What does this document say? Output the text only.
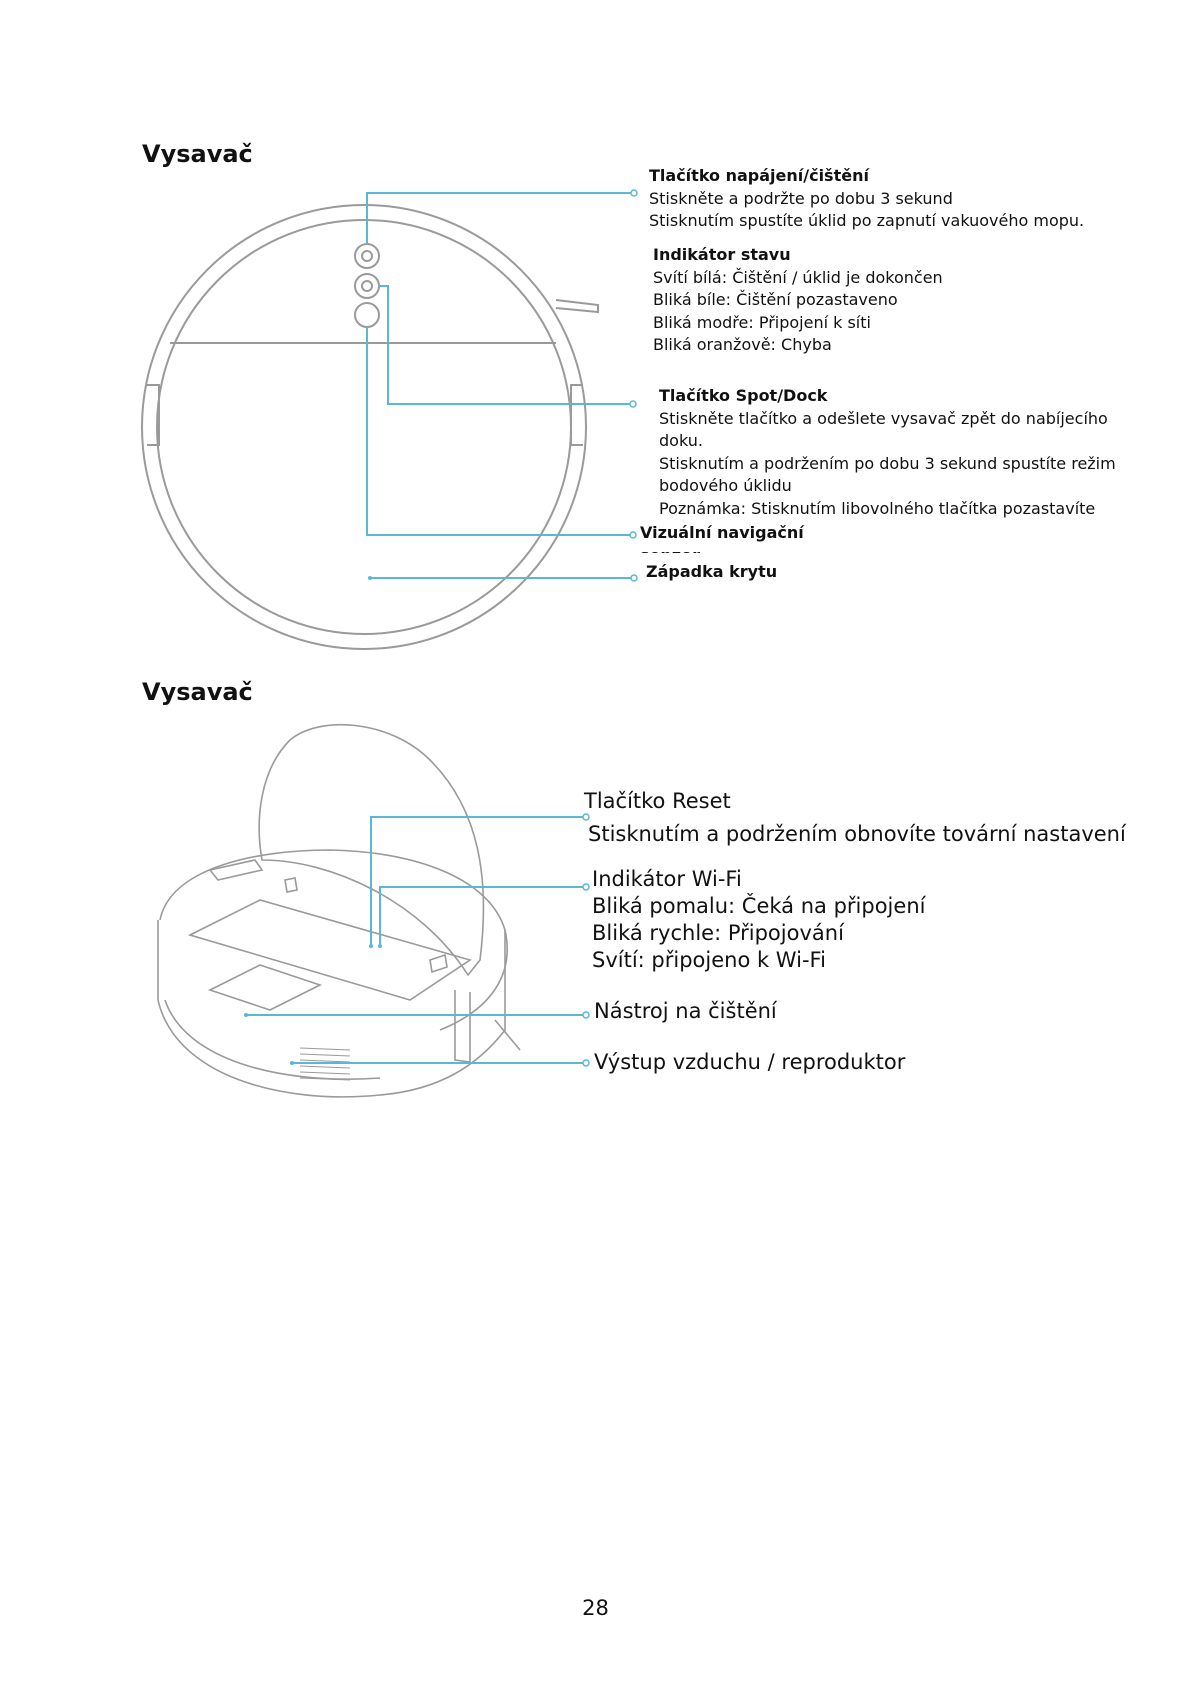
Vysavač
Tlačítko napájení/čištění
Stiskněte a podržte po dobu 3 sekund
Stisknutím spustíte úklid po zapnutí vakuového mopu.
Indikátor stavu
Svítí bílá: Čištění / úklid je dokončen
Bliká bíle: Čištění pozastaveno
Bliká modře: Připojení k síti
Bliká oranžově: Chyba
Tlačítko Spot/Dock
Stiskněte tlačítko a odešlete vysavač zpět do nabíjecího
doku.
Stisknutím a podržením po dobu 3 sekund spustíte režim
bodového úklidu
Poznámka: Stisknutím libovolného tlačítka pozastavíte
Vizuální navigační
Západka krytu
Vysavač
Tlačítko Reset
Stisknutím a podržením obnovíte tovární nastavení
Indikátor Wi-Fi
Bliká pomalu: Čeká na připojení
Bliká rychle: Připojování
Svítí: připojeno k Wi-Fi
Nástroj na čištění
Výstup vzduchu / reproduktor
28
